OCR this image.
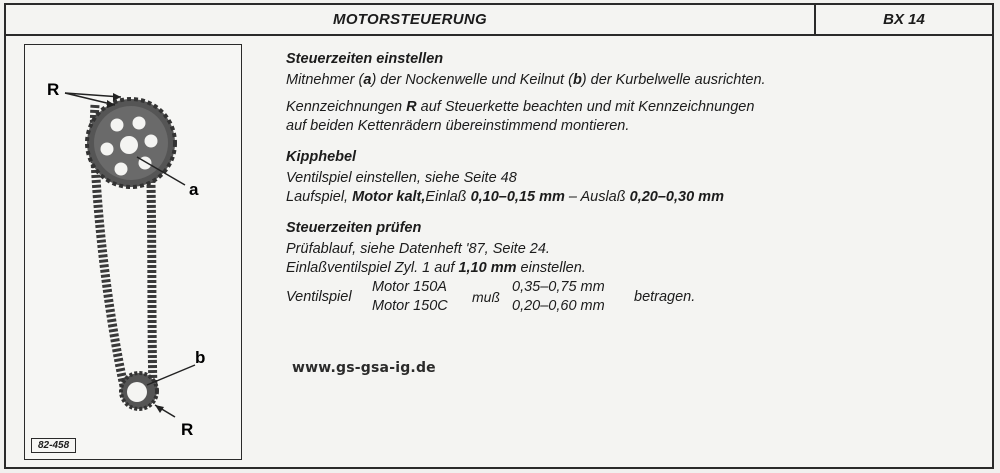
MOTORSTEUERUNG	BX 14
R
a
b
R
82-458
Steuerzeiten einstellen
Mitnehmer (a) der Nockenwelle und Keilnut (b) der Kurbelwelle ausrichten.
Kennzeichnungen R auf Steuerkette beachten und mit Kennzeichnungen
auf beiden Kettenrädern übereinstimmend montieren.
Kipphebel
Ventilspiel einstellen, siehe Seite 48
Laufspiel, Motor kalt,Einlaß 0,10–0,15 mm – Auslaß 0,20–0,30 mm
Steuerzeiten prüfen
Prüfablauf, siehe Datenheft '87, Seite 24.
Einlaßventilspiel Zyl. 1 auf 1,10 mm einstellen.
Ventilspiel
Motor 150A
Motor 150C
muß
0,35–0,75 mm
0,20–0,60 mm
betragen.
www.gs-gsa-ig.de
